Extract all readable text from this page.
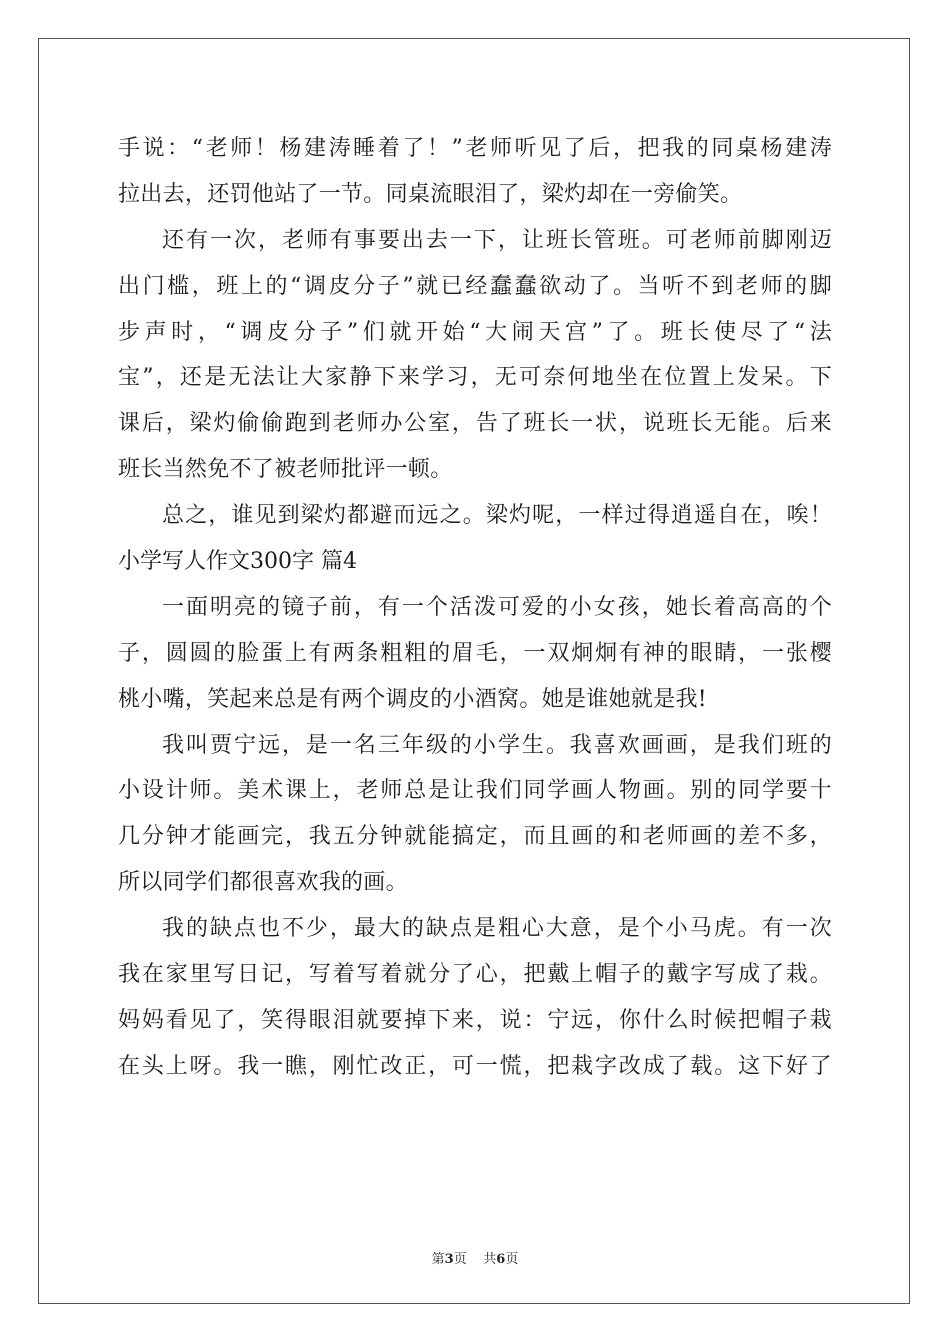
手说：“老师！杨建涛睡着了！”老师听见了后，把我的同桌杨建涛
拉出去，还罚他站了一节。同桌流眼泪了，梁灼却在一旁偷笑。
还有一次，老师有事要出去一下，让班长管班。可老师前脚刚迈
出门槛，班上的“调皮分子”就已经蠢蠢欲动了。当听不到老师的脚
步声时，“调皮分子”们就开始“大闹天宫”了。班长使尽了“法
宝”，还是无法让大家静下来学习，无可奈何地坐在位置上发呆。下
课后，梁灼偷偷跑到老师办公室，告了班长一状，说班长无能。后来
班长当然免不了被老师批评一顿。
总之，谁见到梁灼都避而远之。梁灼呢，一样过得逍遥自在，唉！
小学写人作文300字 篇4
一面明亮的镜子前，有一个活泼可爱的小女孩，她长着高高的个
子，圆圆的脸蛋上有两条粗粗的眉毛，一双炯炯有神的眼睛，一张樱
桃小嘴，笑起来总是有两个调皮的小酒窝。她是谁她就是我!
我叫贾宁远，是一名三年级的小学生。我喜欢画画，是我们班的
小设计师。美术课上，老师总是让我们同学画人物画。别的同学要十
几分钟才能画完，我五分钟就能搞定，而且画的和老师画的差不多，
所以同学们都很喜欢我的画。
我的缺点也不少，最大的缺点是粗心大意，是个小马虎。有一次
我在家里写日记，写着写着就分了心，把戴上帽子的戴字写成了栽。
妈妈看见了，笑得眼泪就要掉下来，说：宁远，你什么时候把帽子栽
在头上呀。我一瞧，刚忙改正，可一慌，把栽字改成了载。这下好了
第3页 共6页
